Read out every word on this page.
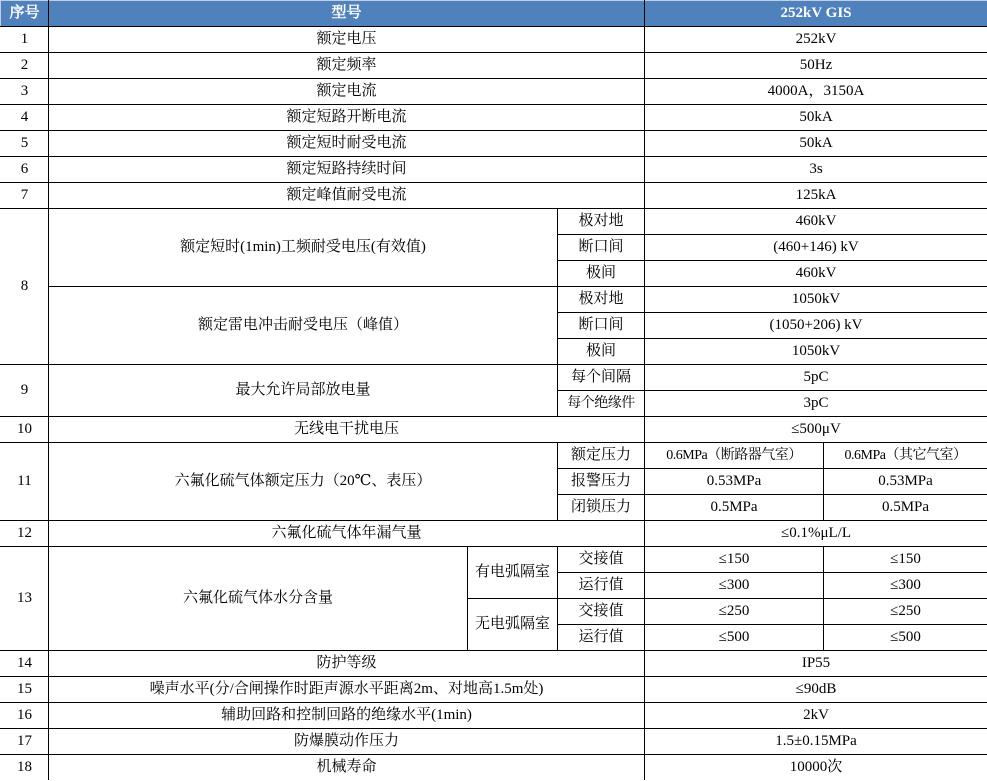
序号	型号			252kV GIS	
1	额定电压			252kV	
2	额定频率			50Hz	
3	额定电流			4000A，3150A	
4	额定短路开断电流			50kA	
5	额定短时耐受电流			50kA	
6	额定短路持续时间			3s	
7	额定峰值耐受电流			125kA	
8	额定短时(1min)工频耐受电压(有效值)		极对地	460kV	
			断口间	(460+146) kV	
			极间	460kV	
	额定雷电冲击耐受电压（峰值）		极对地	1050kV	
			断口间	(1050+206) kV	
			极间	1050kV	
9	最大允许局部放电量		每个间隔	5pC	
			每个绝缘件	3pC	
10	无线电干扰电压			≤500μV	
11	六氟化硫气体额定压力（20℃、表压）		额定压力	0.6MPa（断路器气室）	0.6MPa（其它气室）
			报警压力	0.53MPa	0.53MPa
			闭锁压力	0.5MPa	0.5MPa
12	六氟化硫气体年漏气量			≤0.1%μL/L	
13	六氟化硫气体水分含量	有电弧隔室	交接值	≤150	≤150
			运行值	≤300	≤300
		无电弧隔室	交接值	≤250	≤250
			运行值	≤500	≤500
14	防护等级			IP55	
15	噪声水平(分/合闸操作时距声源水平距离2m、对地高1.5m处)			≤90dB	
16	辅助回路和控制回路的绝缘水平(1min)			2kV	
17	防爆膜动作压力			1.5±0.15MPa	
18	机械寿命			10000次	
